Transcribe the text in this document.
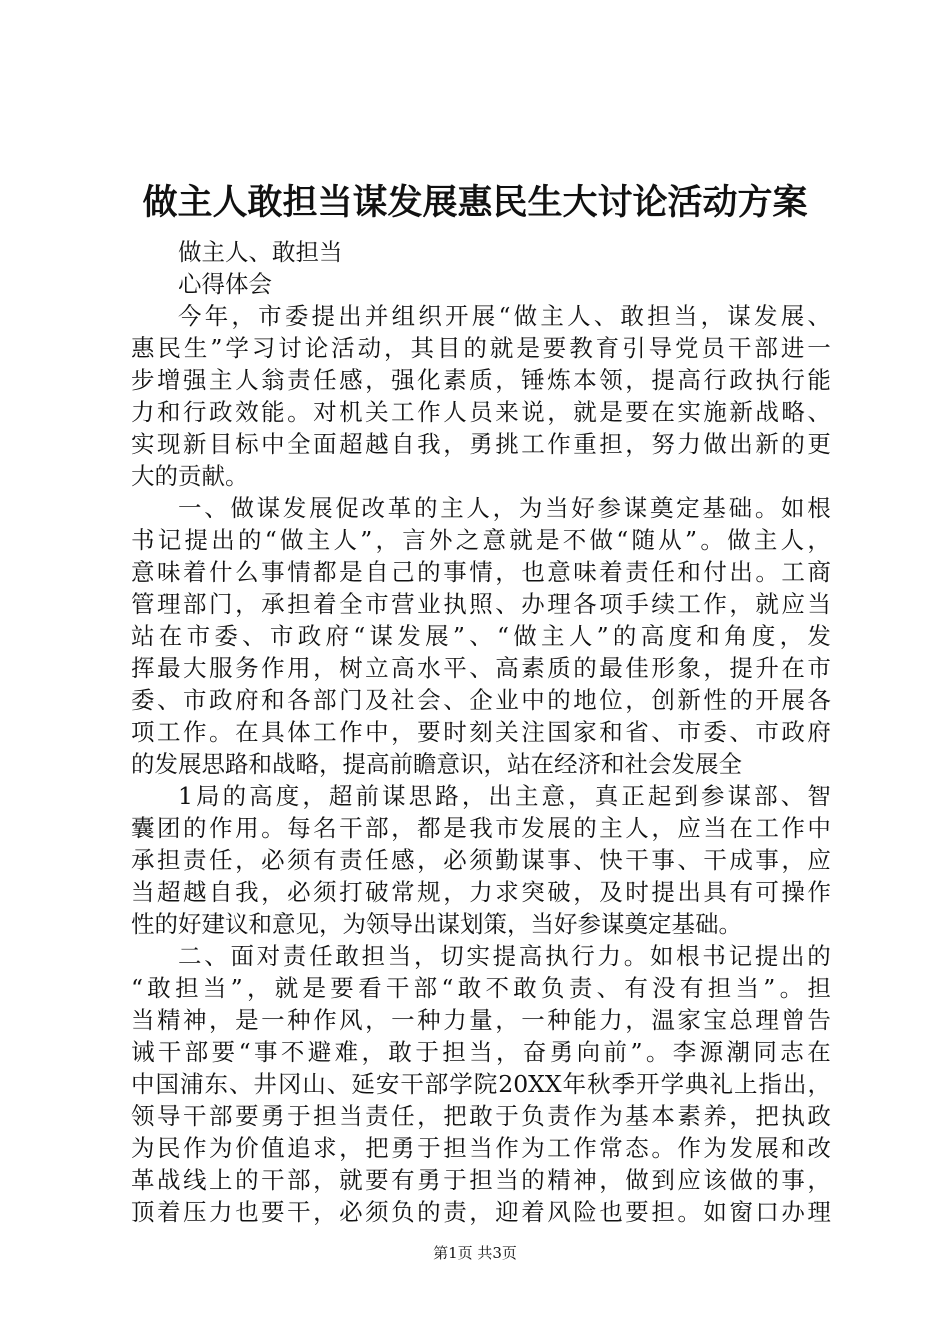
做主人敢担当谋发展惠民生大讨论活动方案
做主人、敢担当
心得体会
今 年 ， 市 委 提 出 并 组 织 开 展 “ 做 主 人 、 敢 担 当 ， 谋 发 展 、
惠 民 生 ” 学 习 讨 论 活 动 ， 其 目 的 就 是 要 教 育 引 导 党 员 干 部 进 一
步 增 强 主 人 翁 责 任 感 ， 强 化 素 质 ， 锤 炼 本 领 ， 提 高 行 政 执 行 能
力 和 行 政 效 能 。 对 机 关 工 作 人 员 来 说 ， 就 是 要 在 实 施 新 战 略 、
实 现 新 目 标 中 全 面 超 越 自 我 ， 勇 挑 工 作 重 担 ， 努 力 做 出 新 的 更
大的贡献。
一 、 做 谋 发 展 促 改 革 的 主 人 ， 为 当 好 参 谋 奠 定 基 础 。 如 根
书 记 提 出 的 “ 做 主 人 ” ， 言 外 之 意 就 是 不 做 “ 随 从 ” 。 做 主 人 ，
意 味 着 什 么 事 情 都 是 自 己 的 事 情 ， 也 意 味 着 责 任 和 付 出 。 工 商
管 理 部 门 ， 承 担 着 全 市 营 业 执 照 、 办 理 各 项 手 续 工 作 ， 就 应 当
站 在 市 委 、 市 政 府 “ 谋 发 展 ” 、 “ 做 主 人 ” 的 高 度 和 角 度 ， 发
挥 最 大 服 务 作 用 ， 树 立 高 水 平 、 高 素 质 的 最 佳 形 象 ， 提 升 在 市
委 、 市 政 府 和 各 部 门 及 社 会 、 企 业 中 的 地 位 ， 创 新 性 的 开 展 各
项 工 作 。 在 具 体 工 作 中 ， 要 时 刻 关 注 国 家 和 省 、 市 委 、 市 政 府
的发展思路和战略，提高前瞻意识，站在经济和社会发展全
1 局 的 高 度 ， 超 前 谋 思 路 ， 出 主 意 ， 真 正 起 到 参 谋 部 、 智
囊 团 的 作 用 。 每 名 干 部 ， 都 是 我 市 发 展 的 主 人 ， 应 当 在 工 作 中
承 担 责 任 ， 必 须 有 责 任 感 ， 必 须 勤 谋 事 、 快 干 事 、 干 成 事 ， 应
当 超 越 自 我 ， 必 须 打 破 常 规 ， 力 求 突 破 ， 及 时 提 出 具 有 可 操 作
性的好建议和意见，为领导出谋划策，当好参谋奠定基础。
二 、 面 对 责 任 敢 担 当 ， 切 实 提 高 执 行 力 。 如 根 书 记 提 出 的
“ 敢 担 当 ” ， 就 是 要 看 干 部 “ 敢 不 敢 负 责 、 有 没 有 担 当 ” 。 担
当 精 神 ， 是 一 种 作 风 ， 一 种 力 量 ， 一 种 能 力 ， 温 家 宝 总 理 曾 告
诫 干 部 要 “ 事 不 避 难 ， 敢 于 担 当 ， 奋 勇 向 前 ” 。 李 源 潮 同 志 在
中 国 浦 东 、 井 冈 山 、 延 安 干 部 学 院 20XX 年 秋 季 开 学 典 礼 上 指 出 ，
领 导 干 部 要 勇 于 担 当 责 任 ， 把 敢 于 负 责 作 为 基 本 素 养 ， 把 执 政
为 民 作 为 价 值 追 求 ， 把 勇 于 担 当 作 为 工 作 常 态 。 作 为 发 展 和 改
革 战 线 上 的 干 部 ， 就 要 有 勇 于 担 当 的 精 神 ， 做 到 应 该 做 的 事 ，
顶 着 压 力 也 要 干 ， 必 须 负 的 责 ， 迎 着 风 险 也 要 担 。 如 窗 口 办 理
第1页 共3页
